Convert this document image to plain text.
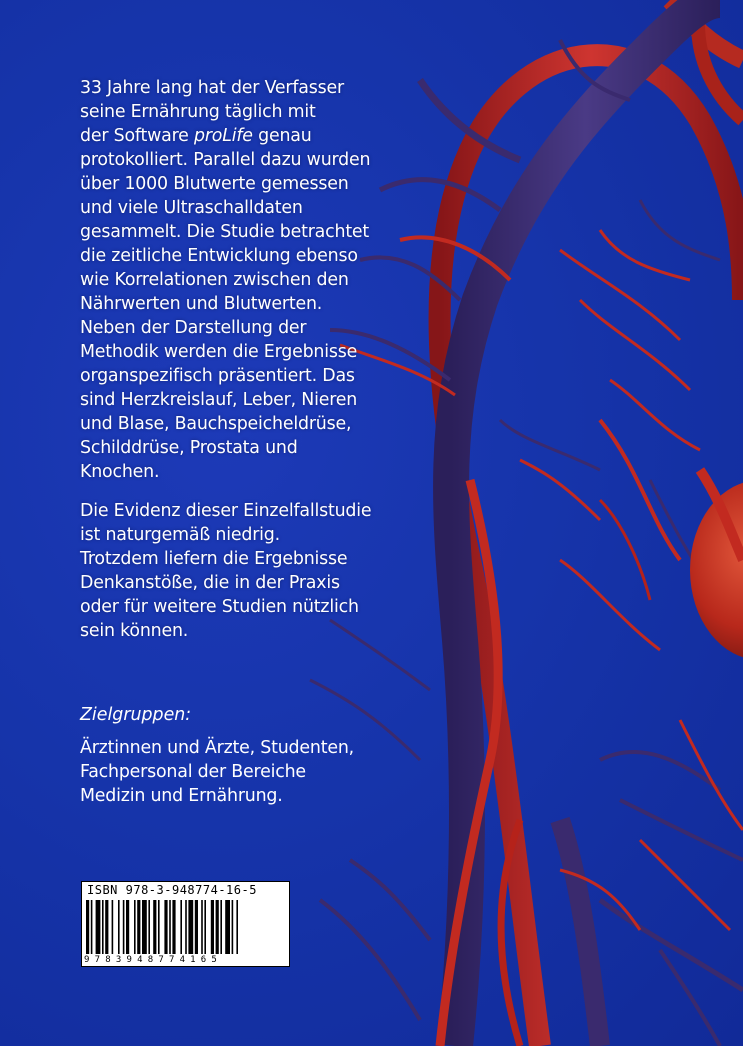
33 Jahre lang hat der Verfasser
seine Ernährung täglich mit
der Software proLife genau
protokolliert. Parallel dazu wurden
über 1000 Blutwerte gemessen
und viele Ultraschalldaten
gesammelt. Die Studie betrachtet
die zeitliche Entwicklung ebenso
wie Korrelationen zwischen den
Nährwerten und Blutwerten.
Neben der Darstellung der
Methodik werden die Ergebnisse
organspezifisch präsentiert. Das
sind Herzkreislauf, Leber, Nieren
und Blase, Bauchspeicheldrüse,
Schilddrüse, Prostata und
Knochen.

Die Evidenz dieser Einzelfallstudie
ist naturgemäß niedrig.
Trotzdem liefern die Ergebnisse
Denkanstöße, die in der Praxis
oder für weitere Studien nützlich
sein können.

Zielgruppen:
Ärztinnen und Ärzte, Studenten,
Fachpersonal der Bereiche
Medizin und Ernährung.
ISBN 978-3-948774-16-5
9783948774165
